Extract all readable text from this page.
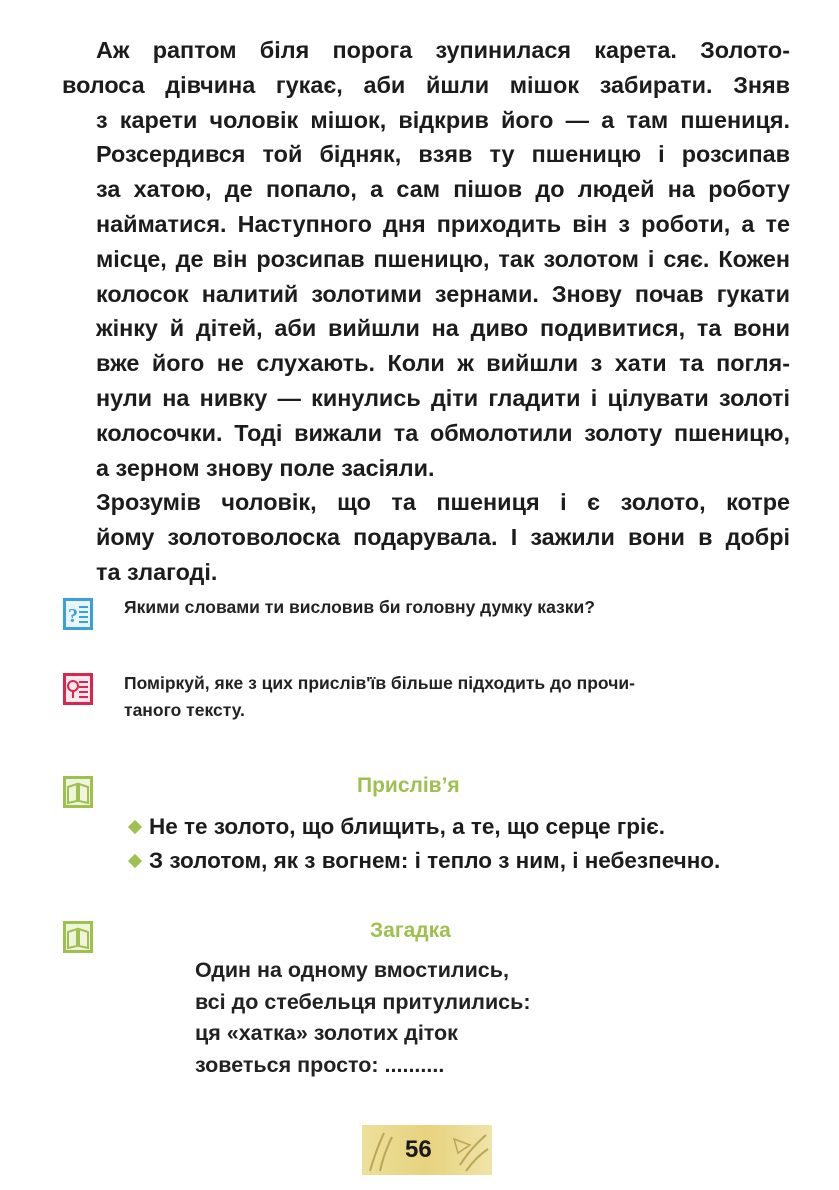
Аж раптом біля порога зупинилася карета. Золото-
волоса дівчина гукає, аби йшли мішок забирати. Зняв
з карети чоловік мішок, відкрив його — а там пшениця.
Розсердився той бідняк, взяв ту пшеницю і розсипав
за хатою, де попало, а сам пішов до людей на роботу
найматися. Наступного дня приходить він з роботи, а те
місце, де він розсипав пшеницю, так золотом і сяє. Кожен
колосок налитий золотими зернами. Знову почав гукати
жінку й дітей, аби вийшли на диво подивитися, та вони
вже його не слухають. Коли ж вийшли з хати та погля-
нули на нивку — кинулись діти гладити і цілувати золоті
колосочки. Тоді вижали та обмолотили золоту пшеницю,
а зерном знову поле засіяли.

Зрозумів чоловік, що та пшениця і є золото, котре
йому золотоволоска подарувала. І зажили вони в добрі
та злагоді.

?	Якими словами ти висловив би головну думку казки?
Поміркуй, яке з цих прислів'їв більше підходить до прочи-
таного тексту.
Прислів’я
Не те золото, що блищить, а те, що серце гріє.
З золотом, як з вогнем: і тепло з ним, і небезпечно.
Загадка
Один на одному вмостились,
всі до стебельця притулились:
ця «хатка» золотих діток
зоветься просто: ..........
56
